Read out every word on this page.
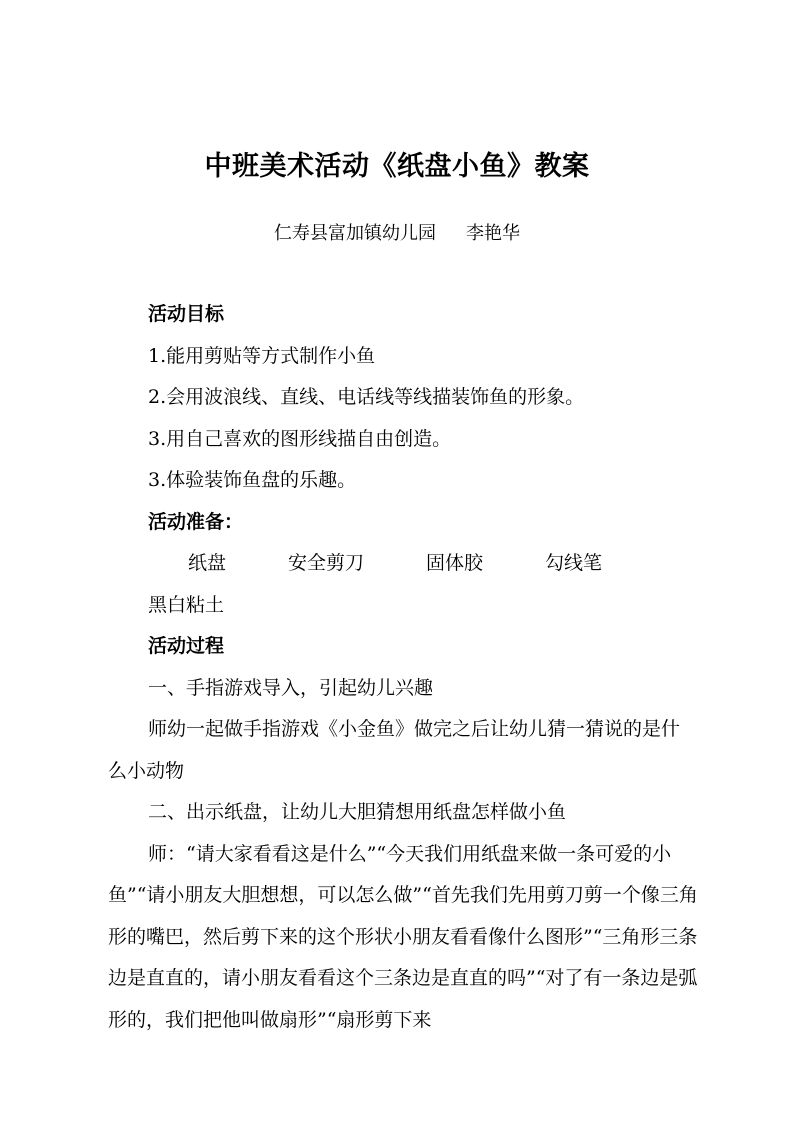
中班美术活动《纸盘小鱼》教案
仁寿县富加镇幼儿园 李艳华

活动目标

1.能用剪贴等方式制作小鱼

2.会用波浪线、直线、电话线等线描装饰鱼的形象。

3.用自己喜欢的图形线描自由创造。

3.体验装饰鱼盘的乐趣。

活动准备：

纸盘	安全剪刀	固体胶	勾线笔黑白粘土

活动过程

一、手指游戏导入，引起幼儿兴趣

师幼一起做手指游戏《小金鱼》做完之后让幼儿猜一猜说的是什么小动物

二、出示纸盘，让幼儿大胆猜想用纸盘怎样做小鱼

师：“请大家看看这是什么”“今天我们用纸盘来做一条可爱的小鱼”“请小朋友大胆想想，可以怎么做”“首先我们先用剪刀剪一个像三角形的嘴巴，然后剪下来的这个形状小朋友看看像什么图形”“三角形三条边是直直的，请小朋友看看这个三条边是直直的吗”“对了有一条边是弧形的，我们把他叫做扇形”“扇形剪下来
